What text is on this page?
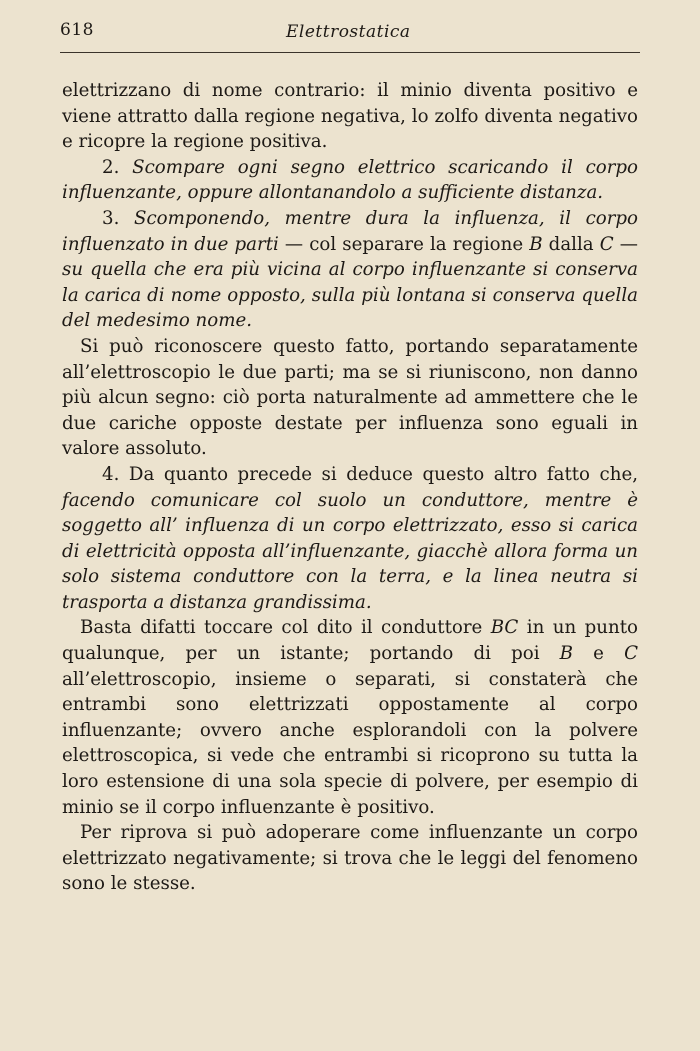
618	Elettrostatica

elettrizzano di nome contrario: il minio diventa positivo e viene attratto dalla regione negativa, lo zolfo diventa negativo e ricopre la regione positiva.

2. Scompare ogni segno elettrico scaricando il corpo influenzante, oppure allontanandolo a sufficiente distanza.

3. Scomponendo, mentre dura la influenza, il corpo influenzato in due parti — col separare la regione B dalla C — su quella che era più vicina al corpo influenzante si conserva la carica di nome opposto, sulla più lontana si conserva quella del medesimo nome.

Si può riconoscere questo fatto, portando separatamente all’elettroscopio le due parti; ma se si riuniscono, non danno più alcun segno: ciò porta naturalmente ad ammettere che le due cariche opposte destate per influenza sono eguali in valore assoluto.

4. Da quanto precede si deduce questo altro fatto che, facendo comunicare col suolo un conduttore, mentre è soggetto all’ influenza di un corpo elettrizzato, esso si carica di elettricità opposta all’influenzante, giacchè allora forma un solo sistema conduttore con la terra, e la linea neutra si trasporta a distanza grandissima.

Basta difatti toccare col dito il conduttore BC in un punto qualunque, per un istante; portando di poi B e C all’elettroscopio, insieme o separati, si constaterà che entrambi sono elettrizzati oppostamente al corpo influenzante; ovvero anche esplorandoli con la polvere elettroscopica, si vede che entrambi si ricoprono su tutta la loro estensione di una sola specie di polvere, per esempio di minio se il corpo influenzante è positivo.

Per riprova si può adoperare come influenzante un corpo elettrizzato negativamente; si trova che le leggi del fenomeno sono le stesse.
